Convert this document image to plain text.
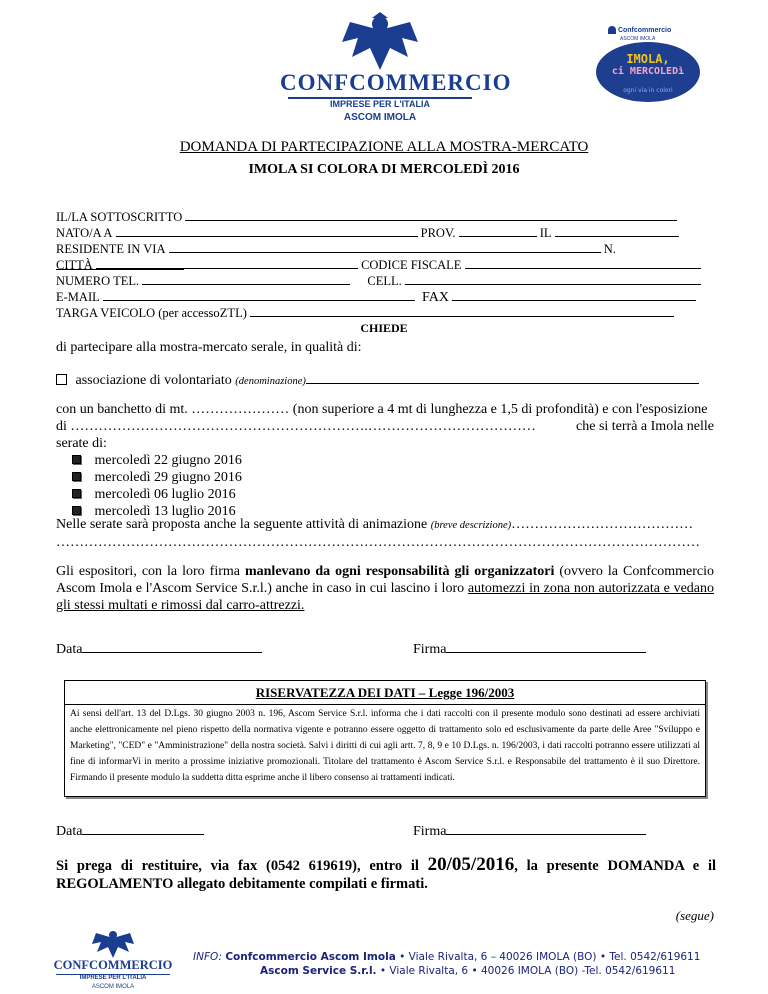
CONFCOMMERCIO
IMPRESE PER L'ITALIA
ASCOM IMOLA
Confcommercio
ASCOM IMOLA
IMOLA,
ci MERCOLEDì
ogni via in colori
DOMANDA DI PARTECIPAZIONE ALLA MOSTRA-MERCATO
IMOLA SI COLORA DI MERCOLEDÌ 2016
IL/LA SOTTOSCRITTO
NATO/A A	PROV.	IL
RESIDENTE IN VIA	N.
CITTÀ	CODICE FISCALE
NUMERO TEL.	CELL.
E-MAIL	FAX
TARGA VEICOLO (per accesso ZTL)
CHIEDE
di partecipare alla mostra-mercato serale, in qualità di:
associazione di volontariato (denominazione)
con un banchetto di mt. ………………… (non superiore a 4 mt di lunghezza e 1,5 di profondità) e con l'esposizione
di ……………………………………………………….………………………………	che si terrà a Imola nelle
serate di:
mercoledì 22 giugno 2016
mercoledì 29 giugno 2016
mercoledì 06 luglio 2016
mercoledì 13 luglio 2016
Nelle serate sarà proposta anche la seguente attività di animazione (breve descrizione)…………………………………
…………………………………………………………………………………………………………………………
Gli espositori, con la loro firma manlevano da ogni responsabilità gli organizzatori (ovvero la Confcommercio Ascom Imola e l'Ascom Service S.r.l.) anche in caso in cui lascino i loro automezzi in zona non autorizzata e vedano gli stessi multati e rimossi dal carro-attrezzi.
Data	Firma
RISERVATEZZA DEI DATI – Legge 196/2003
Ai sensi dell'art. 13 del D.Lgs. 30 giugno 2003 n. 196, Ascom Service S.r.l. informa che i dati raccolti con il presente modulo sono destinati ad essere archiviati anche elettronicamente nel pieno rispetto della normativa vigente e potranno essere oggetto di trattamento solo ed esclusivamente da parte delle Aree "Sviluppo e Marketing", "CED" e "Amministrazione" della nostra società. Salvi i diritti di cui agli artt. 7, 8, 9 e 10 D.Lgs. n. 196/2003, i dati raccolti potranno essere utilizzati al fine di informarVi in merito a prossime iniziative promozionali. Titolare del trattamento è Ascom Service S.r.l. e Responsabile del trattamento è il suo Direttore. Firmando il presente modulo la suddetta ditta esprime anche il libero consenso ai trattamenti indicati.
Data	Firma
Si prega di restituire, via fax (0542 619619), entro il 20/05/2016, la presente DOMANDA e il REGOLAMENTO allegato debitamente compilati e firmati.
(segue)
CONFCOMMERCIO
IMPRESE PER L'ITALIA
ASCOM IMOLA
INFO: Confcommercio Ascom Imola • Viale Rivalta, 6 – 40026 IMOLA (BO) • Tel. 0542/619611
Ascom Service S.r.l. • Viale Rivalta, 6 • 40026 IMOLA (BO) -Tel. 0542/619611
